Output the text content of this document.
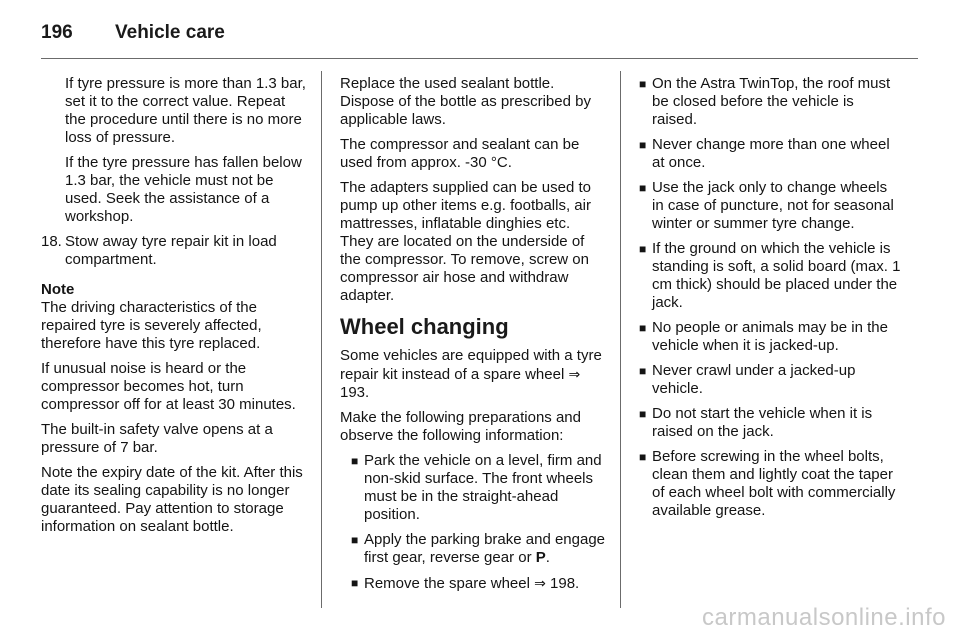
196 Vehicle care

If tyre pressure is more than 1.3 bar, set it to the correct value. Repeat the procedure until there is no more loss of pressure.

If the tyre pressure has fallen below 1.3 bar, the vehicle must not be used. Seek the assistance of a workshop.

18. Stow away tyre repair kit in load compartment.
Note

The driving characteristics of the repaired tyre is severely affected, therefore have this tyre replaced.

If unusual noise is heard or the compressor becomes hot, turn compressor off for at least 30 minutes.

The built-in safety valve opens at a pressure of 7 bar.

Note the expiry date of the kit. After this date its sealing capability is no longer guaranteed. Pay attention to storage information on sealant bottle.

Replace the used sealant bottle. Dispose of the bottle as prescribed by applicable laws.

The compressor and sealant can be used from approx. -30 °C.

The adapters supplied can be used to pump up other items e.g. footballs, air mattresses, inflatable dinghies etc. They are located on the underside of the compressor. To remove, screw on compressor air hose and withdraw adapter.

Wheel changing

Some vehicles are equipped with a tyre repair kit instead of a spare wheel ⇒ 193.

Make the following preparations and observe the following information:

■ Park the vehicle on a level, firm and non-skid surface. The front wheels must be in the straight-ahead position.
■ Apply the parking brake and engage first gear, reverse gear or P.
■ Remove the spare wheel ⇒ 198.
■ On the Astra TwinTop, the roof must be closed before the vehicle is raised.
■ Never change more than one wheel at once.
■ Use the jack only to change wheels in case of puncture, not for seasonal winter or summer tyre change.
■ If the ground on which the vehicle is standing is soft, a solid board (max. 1 cm thick) should be placed under the jack.
■ No people or animals may be in the vehicle when it is jacked-up.
■ Never crawl under a jacked-up vehicle.
■ Do not start the vehicle when it is raised on the jack.
■ Before screwing in the wheel bolts, clean them and lightly coat the taper of each wheel bolt with commercially available grease.
carmanualsonline.info
